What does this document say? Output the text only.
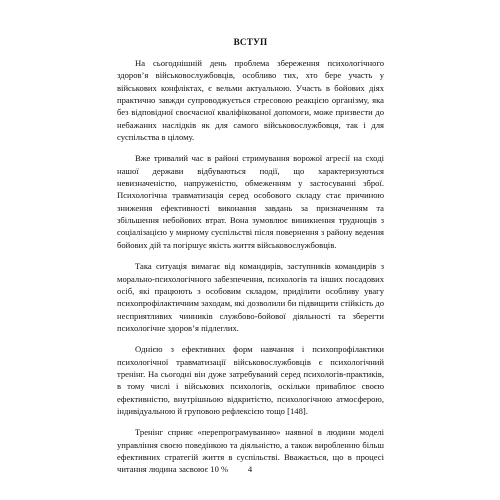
ВСТУП

На сьогоднішній день проблема збереження психологічного здоров’я військовослужбовців, особливо тих, хто бере участь у військових конфліктах, є вельми актуальною. Участь в бойових діях практично завжди супроводжується стресовою реакцією організму, яка без відповідної своєчасної кваліфікованої допомоги, може призвести до небажаних наслідків як для самого військовослужбовця, так і для суспільства в цілому.

Вже тривалий час в районі стримування ворожої агресії на сході нашої держави відбуваються події, що характеризуються невизначеністю, напруженістю, обмеженням у застосуванні зброї. Психологічна травматизація серед особового складу стає причиною зниження ефективності виконання завдань за призначенням та збільшення небойових втрат. Вона зумовлює виникнення труднощів з соціалізацією у мирному суспільстві після повернення з району ведення бойових дій та погіршує якість життя військовослужбовців.

Така ситуація вимагає від командирів, заступників командирів з морально-психологічного забезпечення, психологів та інших посадових осіб, які працюють з особовим складом, приділити особливу увагу психопрофілактичним заходам, які дозволили би підвищити стійкість до несприятливих чинників службово-бойової діяльності та зберегти психологічне здоров’я підлеглих.

Однією з ефективних форм навчання і психопрофілактики психологічної травматизації військовослужбовців є психологічний тренінг. На сьогодні він дуже затребуваний серед психологів-практиків, в тому числі і військових психологів, оскільки приваблює своєю ефективністю, внутрішньою відкритістю, психологічною атмосферою, індивідуальною й груповою рефлексією тощо [148].

Тренінг сприяє «перепрограмуванню» наявної в людини моделі управління своєю поведінкою та діяльністю, а також виробленню більш ефективних стратегій життя в суспільстві. Вважається, що в процесі читання людина засвоює 10 %	4
